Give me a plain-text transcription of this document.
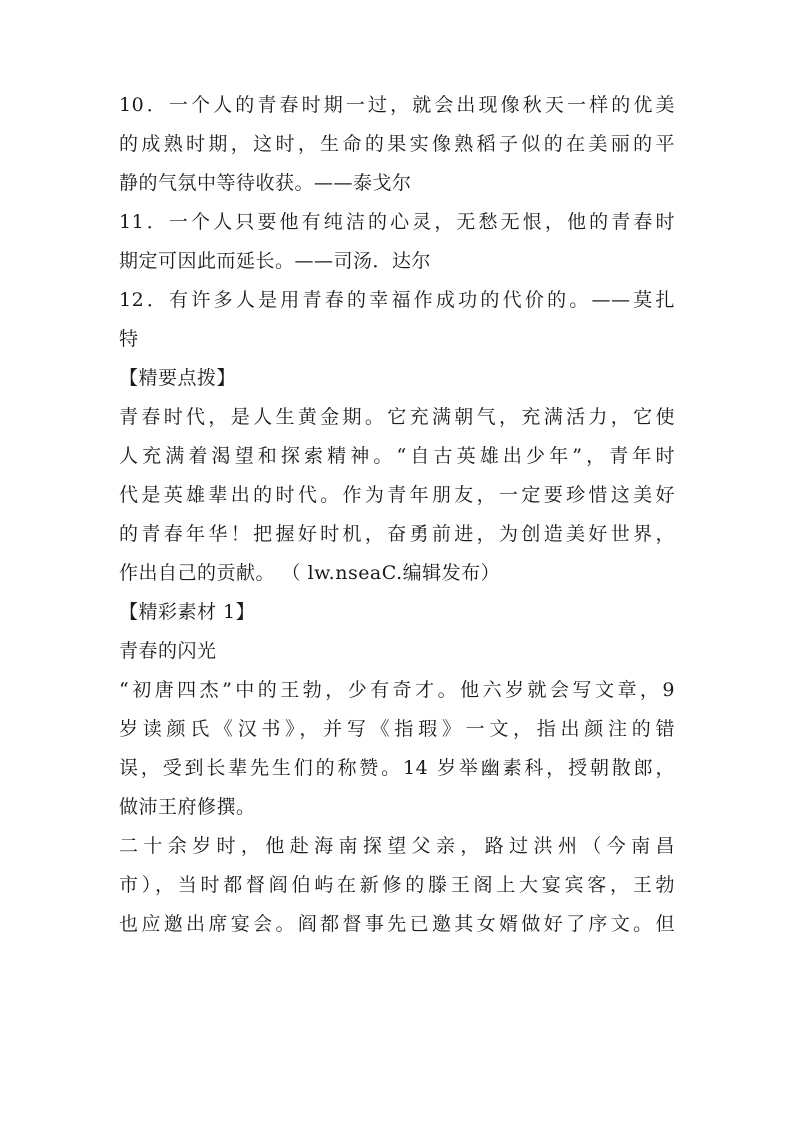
10．一个人的青春时期一过，就会出现像秋天一样的优美
的成熟时期，这时，生命的果实像熟稻子似的在美丽的平
静的气氛中等待收获。——泰戈尔
11．一个人只要他有纯洁的心灵，无愁无恨，他的青春时
期定可因此而延长。——司汤．达尔
12．有许多人是用青春的幸福作成功的代价的。——莫扎
特
【精要点拨】
青春时代，是人生黄金期。它充满朝气，充满活力，它使
人充满着渴望和探索精神。“自古英雄出少年”，青年时
代是英雄辈出的时代。作为青年朋友，一定要珍惜这美好
的青春年华！把握好时机，奋勇前进，为创造美好世界，
作出自己的贡献。 （ lw.nseaC.编辑发布）
【精彩素材 1】
青春的闪光
“初唐四杰”中的王勃，少有奇才。他六岁就会写文章，9
岁读颜氏《汉书》，并写《指瑕》一文，指出颜注的错
误，受到长辈先生们的称赞。14 岁举幽素科，授朝散郎，
做沛王府修撰。
二十余岁时，他赴海南探望父亲，路过洪州（今南昌
市），当时都督阎伯屿在新修的滕王阁上大宴宾客，王勃
也应邀出席宴会。阎都督事先已邀其女婿做好了序文。但
